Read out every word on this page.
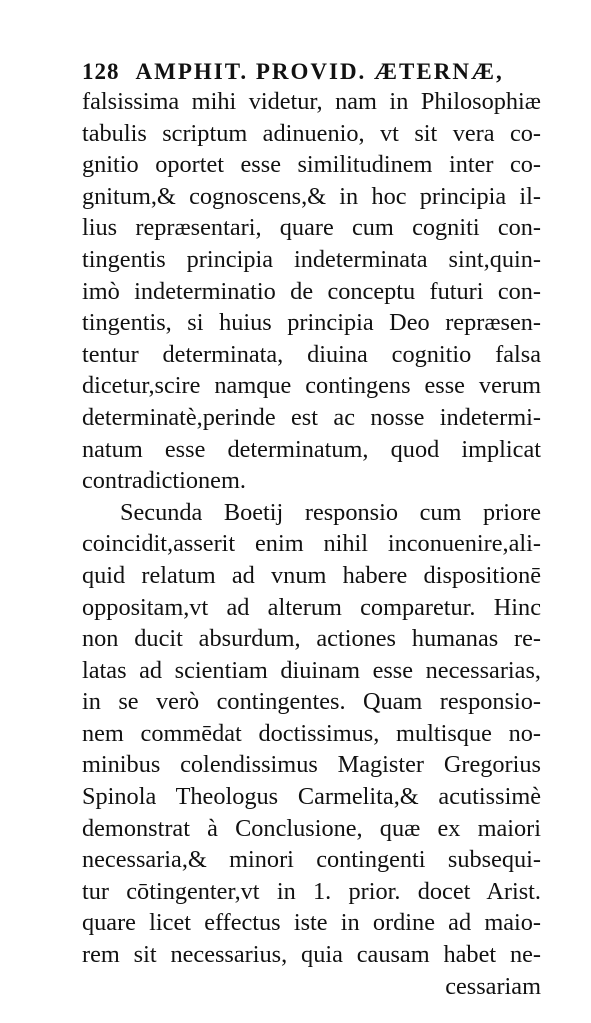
128 AMPHIT. PROVID. ÆTERNÆ,
falsissima mihi videtur, nam in Philosophiæ
tabulis scriptum adinuenio, vt sit vera co-
gnitio oportet esse similitudinem inter co-
gnitum,& cognoscens,& in hoc principia il-
lius repræsentari, quare cum cogniti con-
tingentis principia indeterminata sint,quin-
imò indeterminatio de conceptu futuri con-
tingentis, si huius principia Deo repræsen-
tentur determinata, diuina cognitio falsa
dicetur,scire namque contingens esse verum
determinatè,perinde est ac nosse indetermi-
natum esse determinatum, quod implicat
contradictionem.
Secunda Boetij responsio cum priore
coincidit,asserit enim nihil inconuenire,ali-
quid relatum ad vnum habere dispositionē
oppositam,vt ad alterum comparetur. Hinc
non ducit absurdum, actiones humanas re-
latas ad scientiam diuinam esse necessarias,
in se verò contingentes. Quam responsio-
nem commēdat doctissimus, multisque no-
minibus colendissimus Magister Gregorius
Spinola Theologus Carmelita,& acutissimè
demonstrat à Conclusione, quæ ex maiori
necessaria,& minori contingenti subsequi-
tur cōtingenter,vt in 1. prior. docet Arist.
quare licet effectus iste in ordine ad maio-
rem sit necessarius, quia causam habet ne-
cessariam
